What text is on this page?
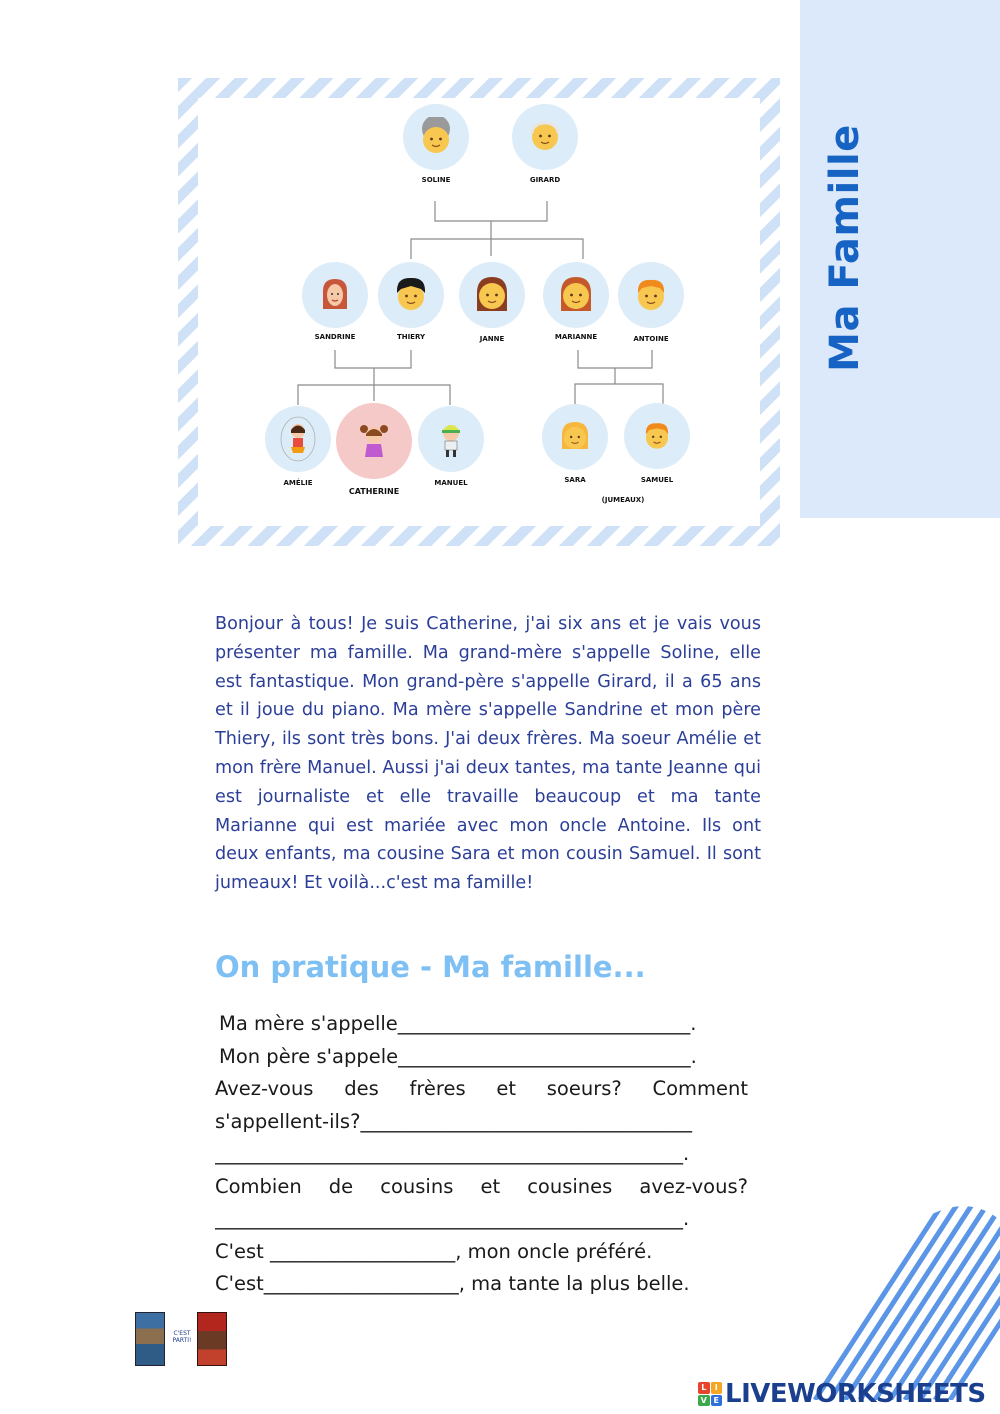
Ma Famille
SOLINE	GIRARD
SANDRINE	THIERY	JANNE	MARIANNE	ANTOINE
AMÉLIE
CATHERINE
MANUEL	SARA	SAMUEL
(JUMEAUX)

Bonjour à tous! Je suis Catherine, j'ai six ans et je vais vous présenter ma famille. Ma grand-mère s'appelle Soline, elle est fantastique. Mon grand-père s'appelle Girard, il a 65 ans et il joue du piano. Ma mère s'appelle Sandrine et mon père Thiery, ils sont très bons. J'ai deux frères. Ma soeur Amélie et mon frère Manuel. Aussi j'ai deux tantes, ma tante Jeanne qui est journaliste et elle travaille beaucoup et ma tante Marianne qui est mariée avec mon oncle Antoine. Ils ont deux enfants, ma cousine Sara et mon cousin Samuel. Il sont jumeaux! Et voilà...c'est ma famille!

On pratique - Ma famille...
Ma mère s'appelle______________________________.
Mon père s'appele______________________________.
Avez-vous des frères et soeurs? Comment
s'appellent-ils?__________________________________
________________________________________________.
Combien de cousins et cousines avez-vous?
________________________________________________.
C'est ___________________, mon oncle préféré.
C'est____________________, ma tante la plus belle.
C'EST PARTI!
L	I
V E LIVEWORKSHEETS
